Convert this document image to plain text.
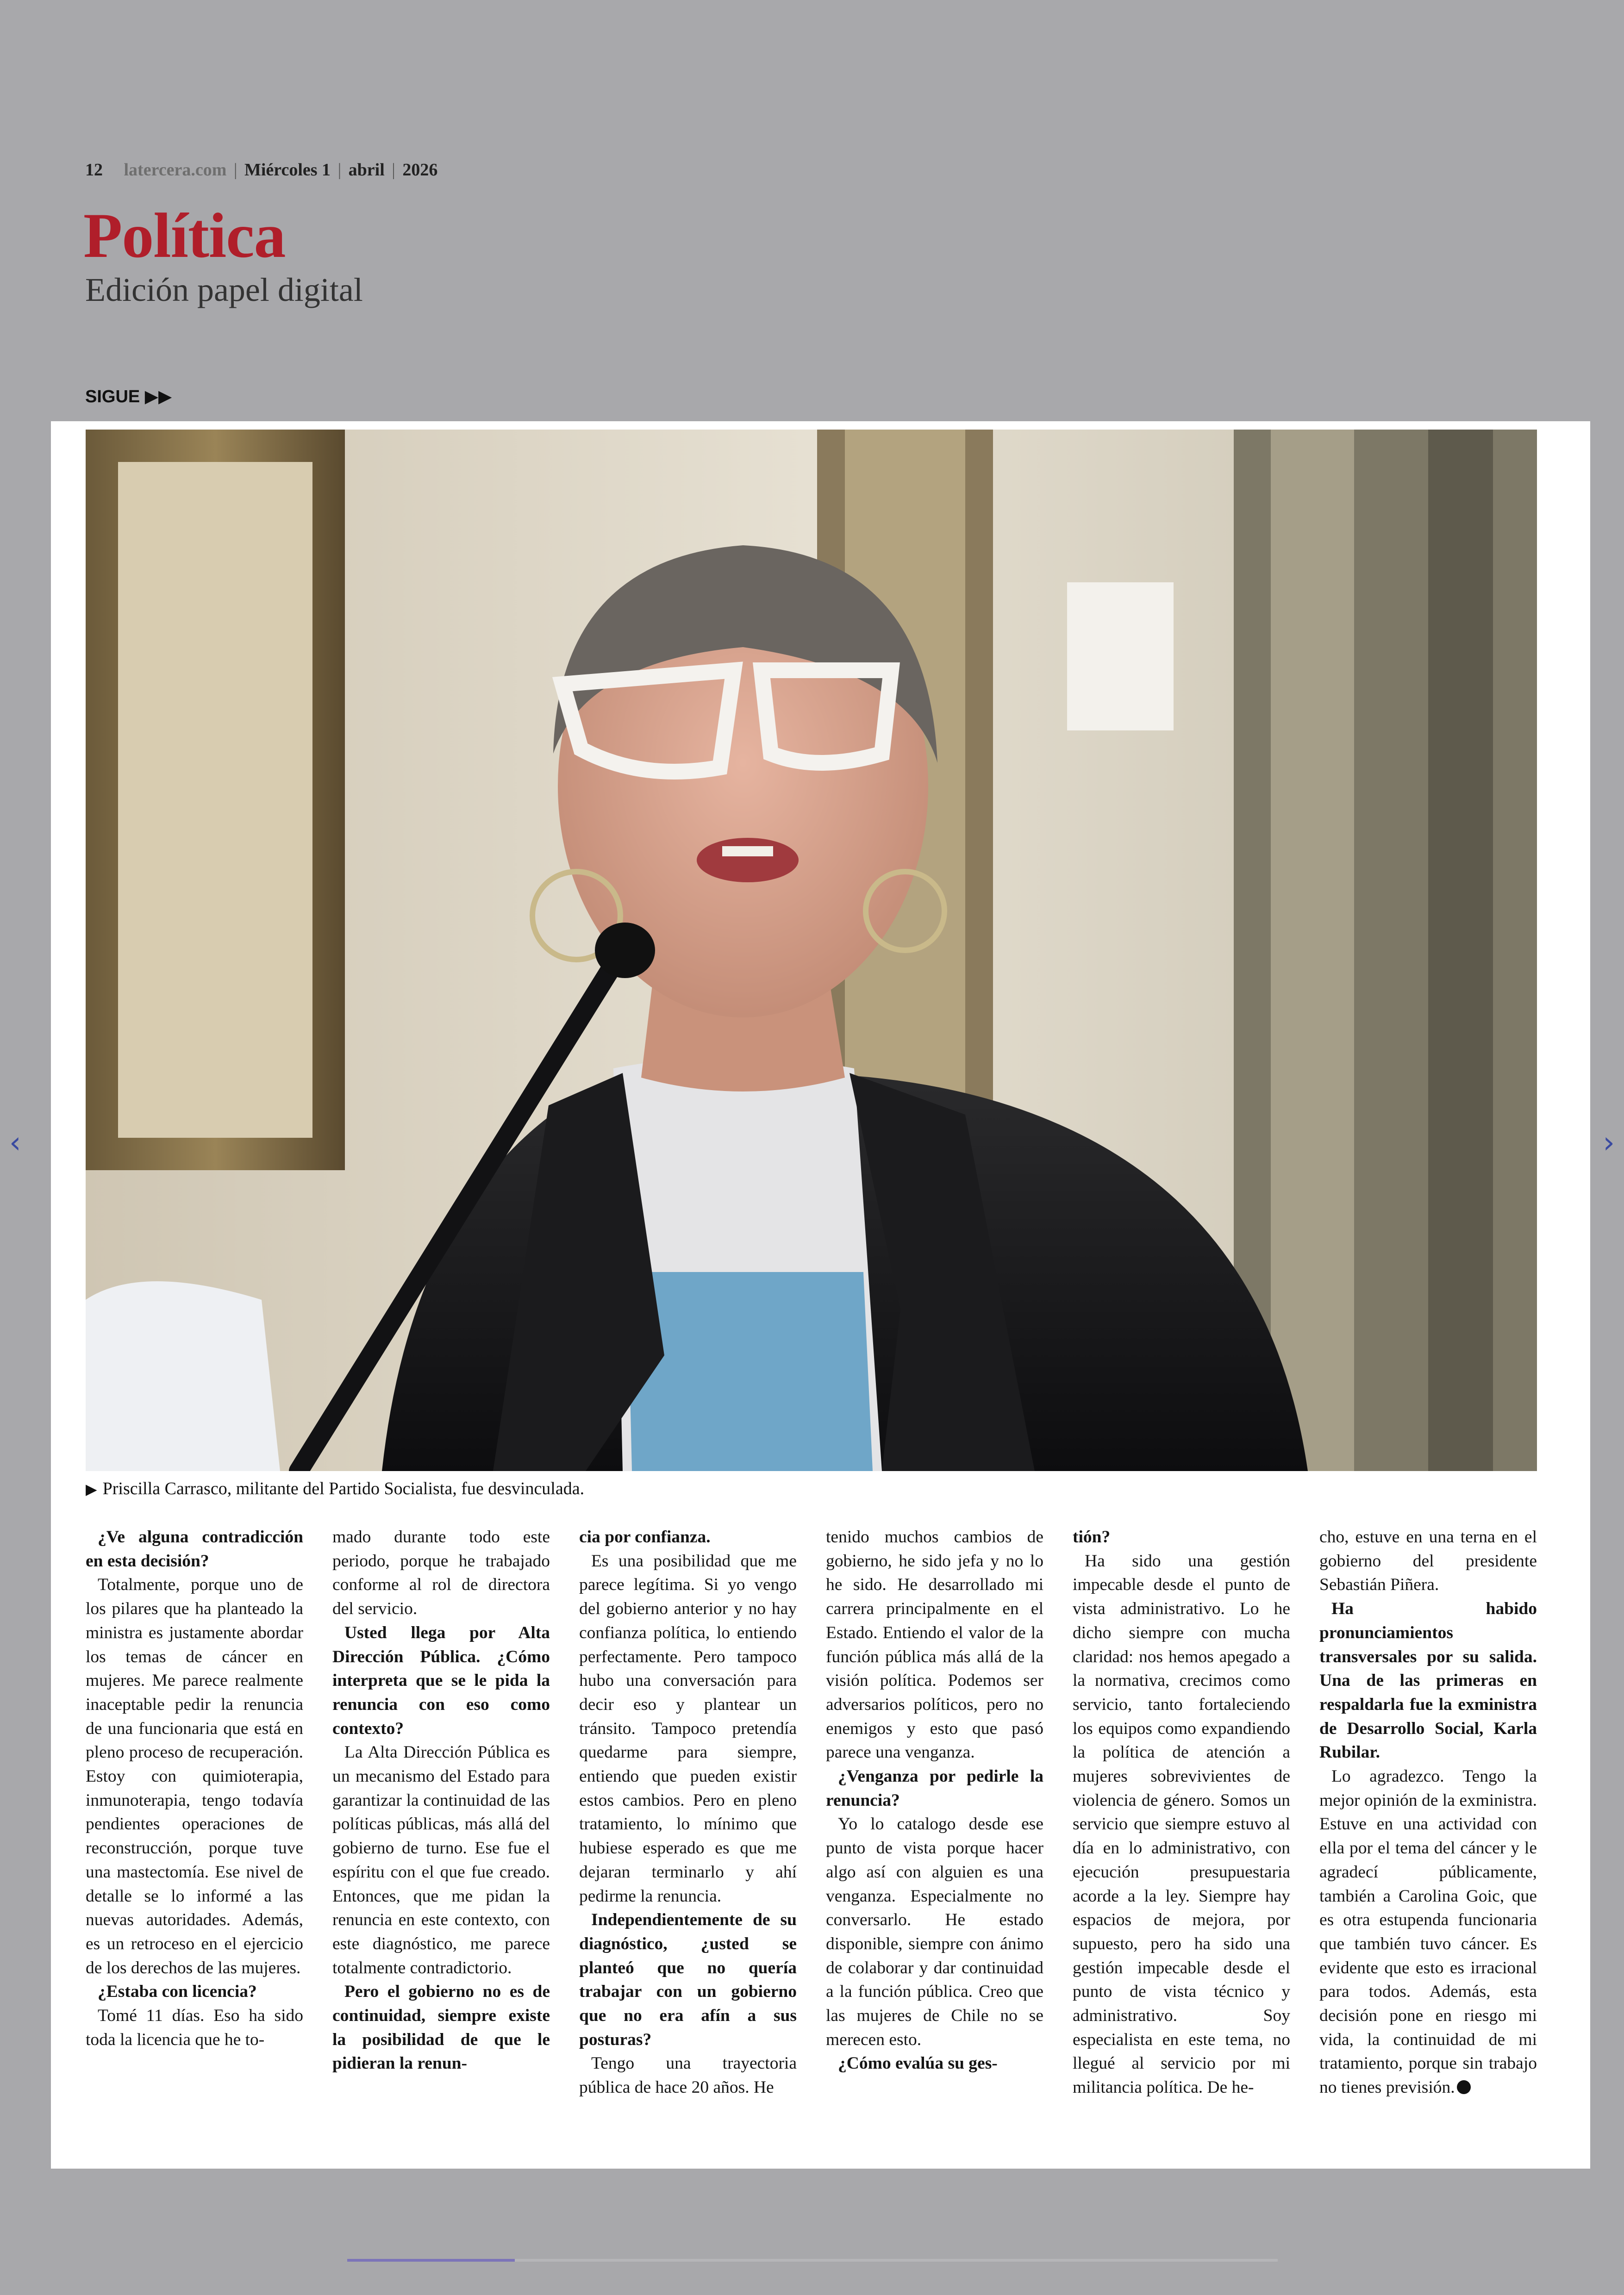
12 latercera.com | Miércoles 1 | abril | 2026
Política
Edición papel digital
SIGUE ▶▶
‹	›
▶ Priscilla Carrasco, militante del Partido Socialista, fue desvinculada.

¿Ve alguna contradicción en esta decisión?

Totalmente, porque uno de los pilares que ha planteado la ministra es justamente abordar los temas de cáncer en mujeres. Me parece realmente inaceptable pedir la renuncia de una funcionaria que está en pleno proceso de recuperación. Estoy con quimioterapia, inmunoterapia, tengo todavía pendientes operaciones de reconstrucción, porque tuve una mastectomía. Ese nivel de detalle se lo informé a las nuevas autoridades. Además, es un retroceso en el ejercicio de los derechos de las mujeres.

¿Estaba con licencia?

Tomé 11 días. Eso ha sido toda la licencia que he to-

mado durante todo este periodo, porque he trabajado conforme al rol de directora del servicio.

Usted llega por Alta Dirección Pública. ¿Cómo interpreta que se le pida la renuncia con eso como contexto?

La Alta Dirección Pública es un mecanismo del Estado para garantizar la continuidad de las políticas públicas, más allá del gobierno de turno. Ese fue el espíritu con el que fue creado. Entonces, que me pidan la renuncia en este contexto, con este diagnóstico, me parece totalmente contradictorio.

Pero el gobierno no es de continuidad, siempre existe la posibilidad de que le pidieran la renun-

cia por confianza.

Es una posibilidad que me parece legítima. Si yo vengo del gobierno anterior y no hay confianza política, lo entiendo perfectamente. Pero tampoco hubo una conversación para decir eso y plantear un tránsito. Tampoco pretendía quedarme para siempre, entiendo que pueden existir estos cambios. Pero en pleno tratamiento, lo mínimo que hubiese esperado es que me dejaran terminarlo y ahí pedirme la renuncia.

Independientemente de su diagnóstico, ¿usted se planteó que no quería trabajar con un gobierno que no era afín a sus posturas?

Tengo una trayectoria pública de hace 20 años. He

tenido muchos cambios de gobierno, he sido jefa y no lo he sido. He desarrollado mi carrera principalmente en el Estado. Entiendo el valor de la función pública más allá de la visión política. Podemos ser adversarios políticos, pero no enemigos y esto que pasó parece una venganza.

¿Venganza por pedirle la renuncia?

Yo lo catalogo desde ese punto de vista porque hacer algo así con alguien es una venganza. Especialmente no conversarlo. He estado disponible, siempre con ánimo de colaborar y dar continuidad a la función pública. Creo que las mujeres de Chile no se merecen esto.

¿Cómo evalúa su ges-

tión?

Ha sido una gestión impecable desde el punto de vista administrativo. Lo he dicho siempre con mucha claridad: nos hemos apegado a la normativa, crecimos como servicio, tanto fortaleciendo los equipos como expandiendo la política de atención a mujeres sobrevivientes de violencia de género. Somos un servicio que siempre estuvo al día en lo administrativo, con ejecución presupuestaria acorde a la ley. Siempre hay espacios de mejora, por supuesto, pero ha sido una gestión impecable desde el punto de vista técnico y administrativo. Soy especialista en este tema, no llegué al servicio por mi militancia política. De he-

cho, estuve en una terna en el gobierno del presidente Sebastián Piñera.

Ha habido pronunciamientos transversales por su salida. Una de las primeras en respaldarla fue la exministra de Desarrollo Social, Karla Rubilar.

Lo agradezco. Tengo la mejor opinión de la exministra. Estuve en una actividad con ella por el tema del cáncer y le agradecí públicamente, también a Carolina Goic, que es otra estupenda funcionaria que también tuvo cáncer. Es evidente que esto es irracional para todos. Además, esta decisión pone en riesgo mi vida, la continuidad de mi tratamiento, porque sin trabajo no tienes previsión.
